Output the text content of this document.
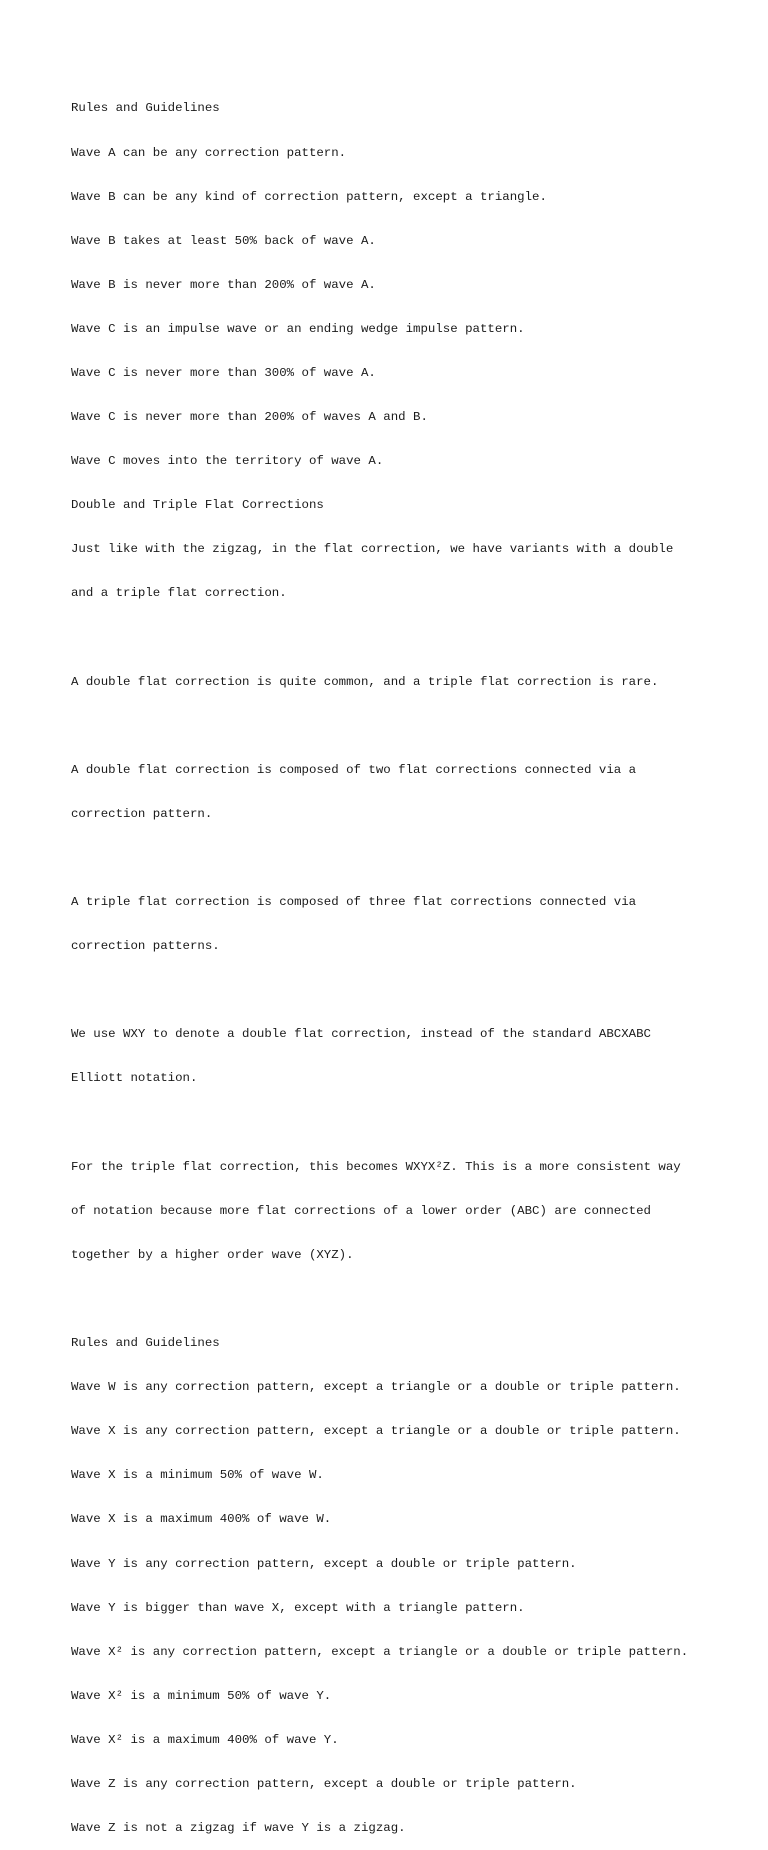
Rules and Guidelines

Wave A can be any correction pattern.

Wave B can be any kind of correction pattern, except a triangle.

Wave B takes at least 50% back of wave A.

Wave B is never more than 200% of wave A.

Wave C is an impulse wave or an ending wedge impulse pattern.

Wave C is never more than 300% of wave A.

Wave C is never more than 200% of waves A and B.

Wave C moves into the territory of wave A.

Double and Triple Flat Corrections

Just like with the zigzag, in the flat correction, we have variants with a double

and a triple flat correction.

A double flat correction is quite common, and a triple flat correction is rare.

A double flat correction is composed of two flat corrections connected via a

correction pattern.

A triple flat correction is composed of three flat corrections connected via

correction patterns.

We use WXY to denote a double flat correction, instead of the standard ABCXABC

Elliott notation.

For the triple flat correction, this becomes WXYX²Z. This is a more consistent way

of notation because more flat corrections of a lower order (ABC) are connected

together by a higher order wave (XYZ).

Rules and Guidelines

Wave W is any correction pattern, except a triangle or a double or triple pattern.

Wave X is any correction pattern, except a triangle or a double or triple pattern.

Wave X is a minimum 50% of wave W.

Wave X is a maximum 400% of wave W.

Wave Y is any correction pattern, except a double or triple pattern.

Wave Y is bigger than wave X, except with a triangle pattern.

Wave X² is any correction pattern, except a triangle or a double or triple pattern.

Wave X² is a minimum 50% of wave Y.

Wave X² is a maximum 400% of wave Y.

Wave Z is any correction pattern, except a double or triple pattern.

Wave Z is not a zigzag if wave Y is a zigzag.
